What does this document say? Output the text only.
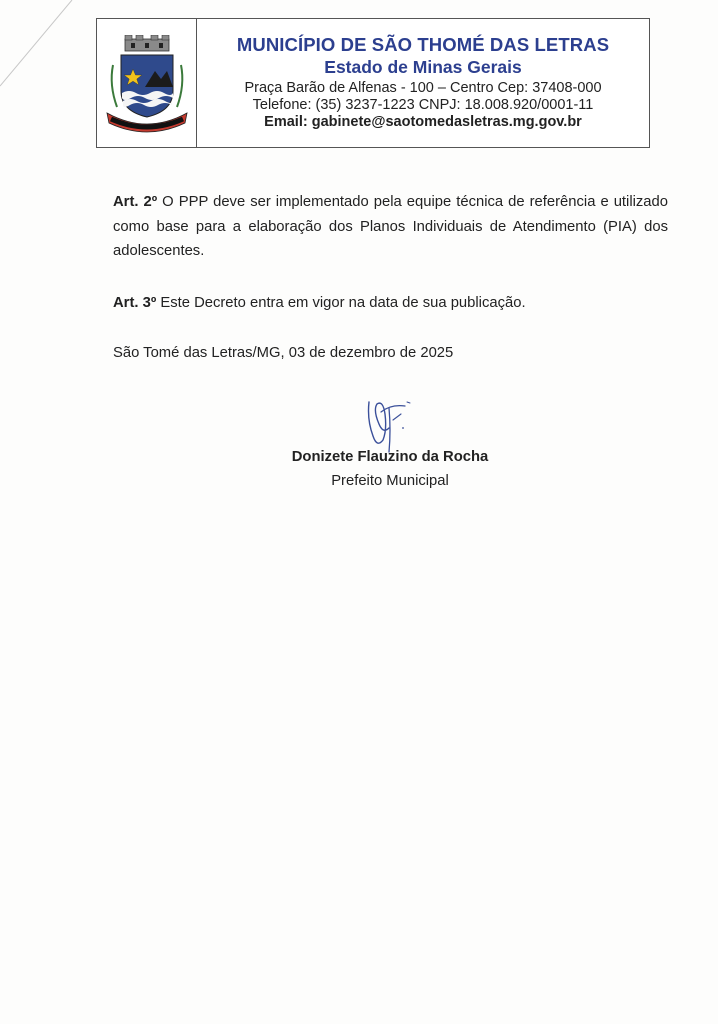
MUNICÍPIO DE SÃO THOMÉ DAS LETRAS
Estado de Minas Gerais
Praça Barão de Alfenas - 100 – Centro Cep: 37408-000
Telefone: (35) 3237-1223 CNPJ: 18.008.920/0001-11
Email: gabinete@saotomedasletras.mg.gov.br

Art. 2º O PPP deve ser implementado pela equipe técnica de referência e utilizado como base para a elaboração dos Planos Individuais de Atendimento (PIA) dos adolescentes.

Art. 3º Este Decreto entra em vigor na data de sua publicação.

São Tomé das Letras/MG, 03 de dezembro de 2025
Donizete Flauzino da Rocha
Prefeito Municipal
